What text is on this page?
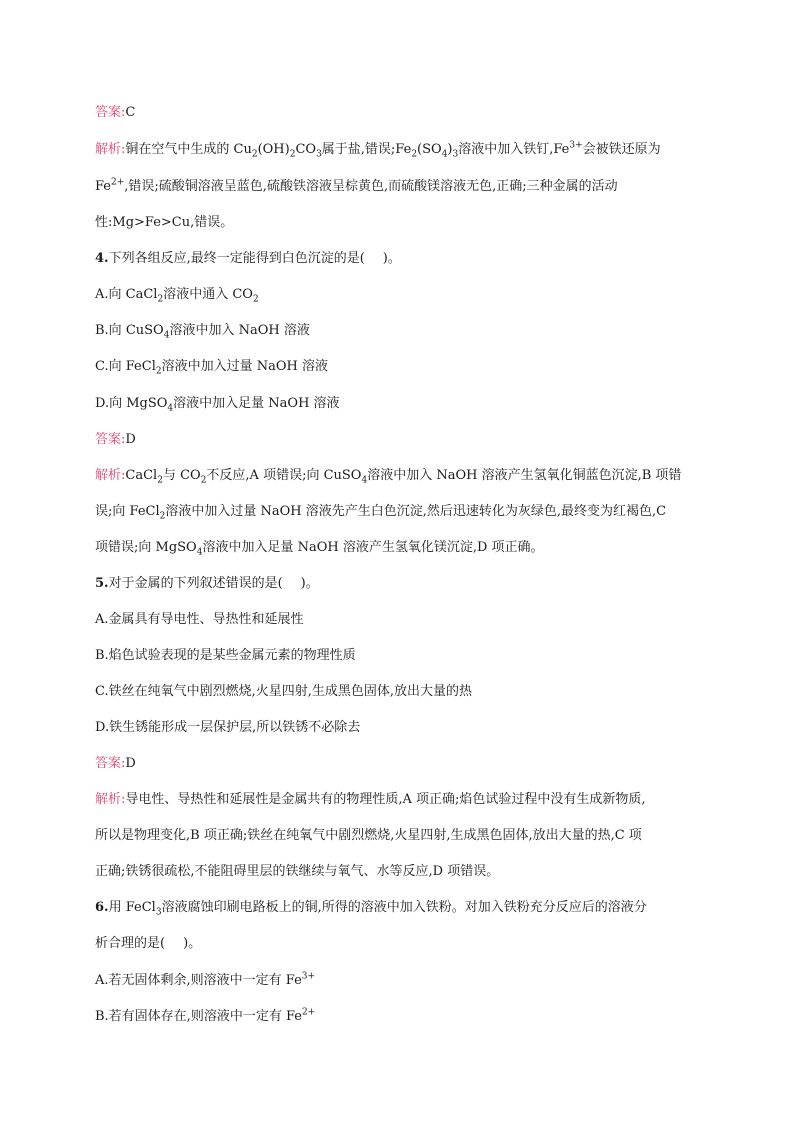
答案:C
解析:铜在空气中生成的 $Cu_2(OH)_2CO_3$属于盐,错误$;Fe_2(SO_4)_3$溶液中加入铁钉$,Fe^{3+}$会被铁还原为
$Fe^{2+}$,错误;硫酸铜溶液呈蓝色,硫酸铁溶液呈棕黄色,而硫酸镁溶液无色,正确;三种金属的活动
性:Mg>Fe>Cu,错误。
4.下列各组反应,最终一定能得到白色沉淀的是( )。
A.向 CaCl$_2$溶液中通入 $CO_2$
B.向 CuSO$_4$溶液中加入 NaOH 溶液
C.向 FeCl$_2$溶液中加入过量 NaOH 溶液
D.向 MgSO$_4$溶液中加入足量 NaOH 溶液
答案:D
解析:CaCl$_2$与 $CO_2$不反应,A 项错误;向 CuSO$_4$溶液中加入 NaOH 溶液产生氢氧化铜蓝色沉淀,B 项错
误;向 FeCl$_2$溶液中加入过量 NaOH 溶液先产生白色沉淀,然后迅速转化为灰绿色,最终变为红褐色,C
项错误;向 MgSO$_4$溶液中加入足量 NaOH 溶液产生氢氧化镁沉淀,D 项正确。
5.对于金属的下列叙述错误的是( )。
A.金属具有导电性、导热性和延展性
B.焰色试验表现的是某些金属元素的物理性质
C.铁丝在纯氧气中剧烈燃烧,火星四射,生成黑色固体,放出大量的热
D.铁生锈能形成一层保护层,所以铁锈不必除去
答案:D
解析:导电性、导热性和延展性是金属共有的物理性质,A 项正确;焰色试验过程中没有生成新物质,
所以是物理变化,B 项正确;铁丝在纯氧气中剧烈燃烧,火星四射,生成黑色固体,放出大量的热,C 项
正确;铁锈很疏松,不能阻碍里层的铁继续与氧气、水等反应,D 项错误。
6.用 FeCl$_3$溶液腐蚀印刷电路板上的铜,所得的溶液中加入铁粉。对加入铁粉充分反应后的溶液分
析合理的是( )。
A.若无固体剩余,则溶液中一定有 $Fe^{3+}$
B.若有固体存在,则溶液中一定有 $Fe^{2+}$
